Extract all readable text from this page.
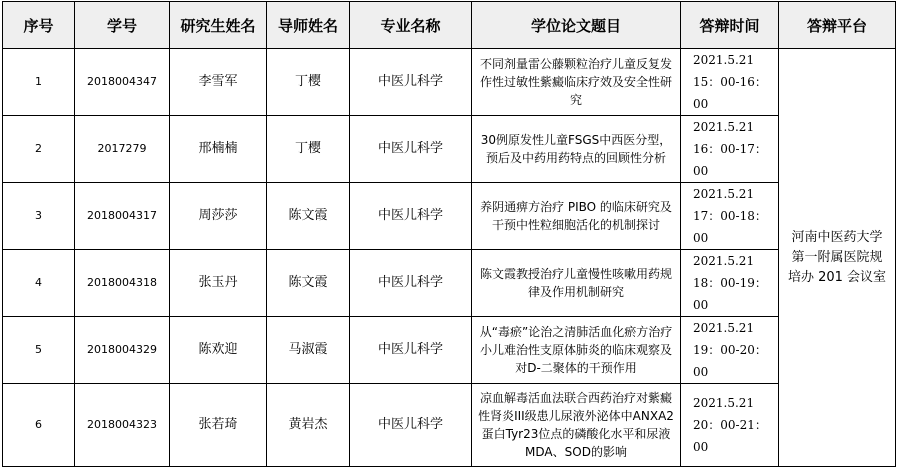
序号	学号	研究生姓名	导师姓名	专业名称	学位论文题目	答辩时间	答辩平台
1	2018004347	李雪军	丁樱	中医儿科学	不同剂量雷公藤颗粒治疗儿童反复发作性过敏性紫癜临床疗效及安全性研究	2021.5.21
15：00-16：00	河南中医药大学第一附属医院规培办 201 会议室
2	2017279	邢楠楠	丁樱	中医儿科学	30例原发性儿童FSGS中西医分型，预后及中药用药特点的回顾性分析	2021.5.21
16：00-17：00	

3	2018004317	周莎莎	陈文霞	中医儿科学	养阴通痹方治疗 PIBO 的临床研究及干预中性粒细胞活化的机制探讨	2021.5.21
17：00-18：00	

4	2018004318	张玉丹	陈文霞	中医儿科学	陈文霞教授治疗儿童慢性咳嗽用药规律及作用机制研究	2021.5.21
18：00-19：00	

5	2018004329	陈欢迎	马淑霞	中医儿科学	从“毒瘀”论治之清肺活血化瘀方治疗小儿难治性支原体肺炎的临床观察及对D-二聚体的干预作用	2021.5.21
19：00-20：00	

6	2018004323	张若琦	黄岩杰	中医儿科学	凉血解毒活血法联合西药治疗对紫癜性肾炎III级患儿尿液外泌体中ANXA2蛋白Tyr23位点的磷酸化水平和尿液MDA、SOD的影响	2021.5.21
20：00-21：00	
